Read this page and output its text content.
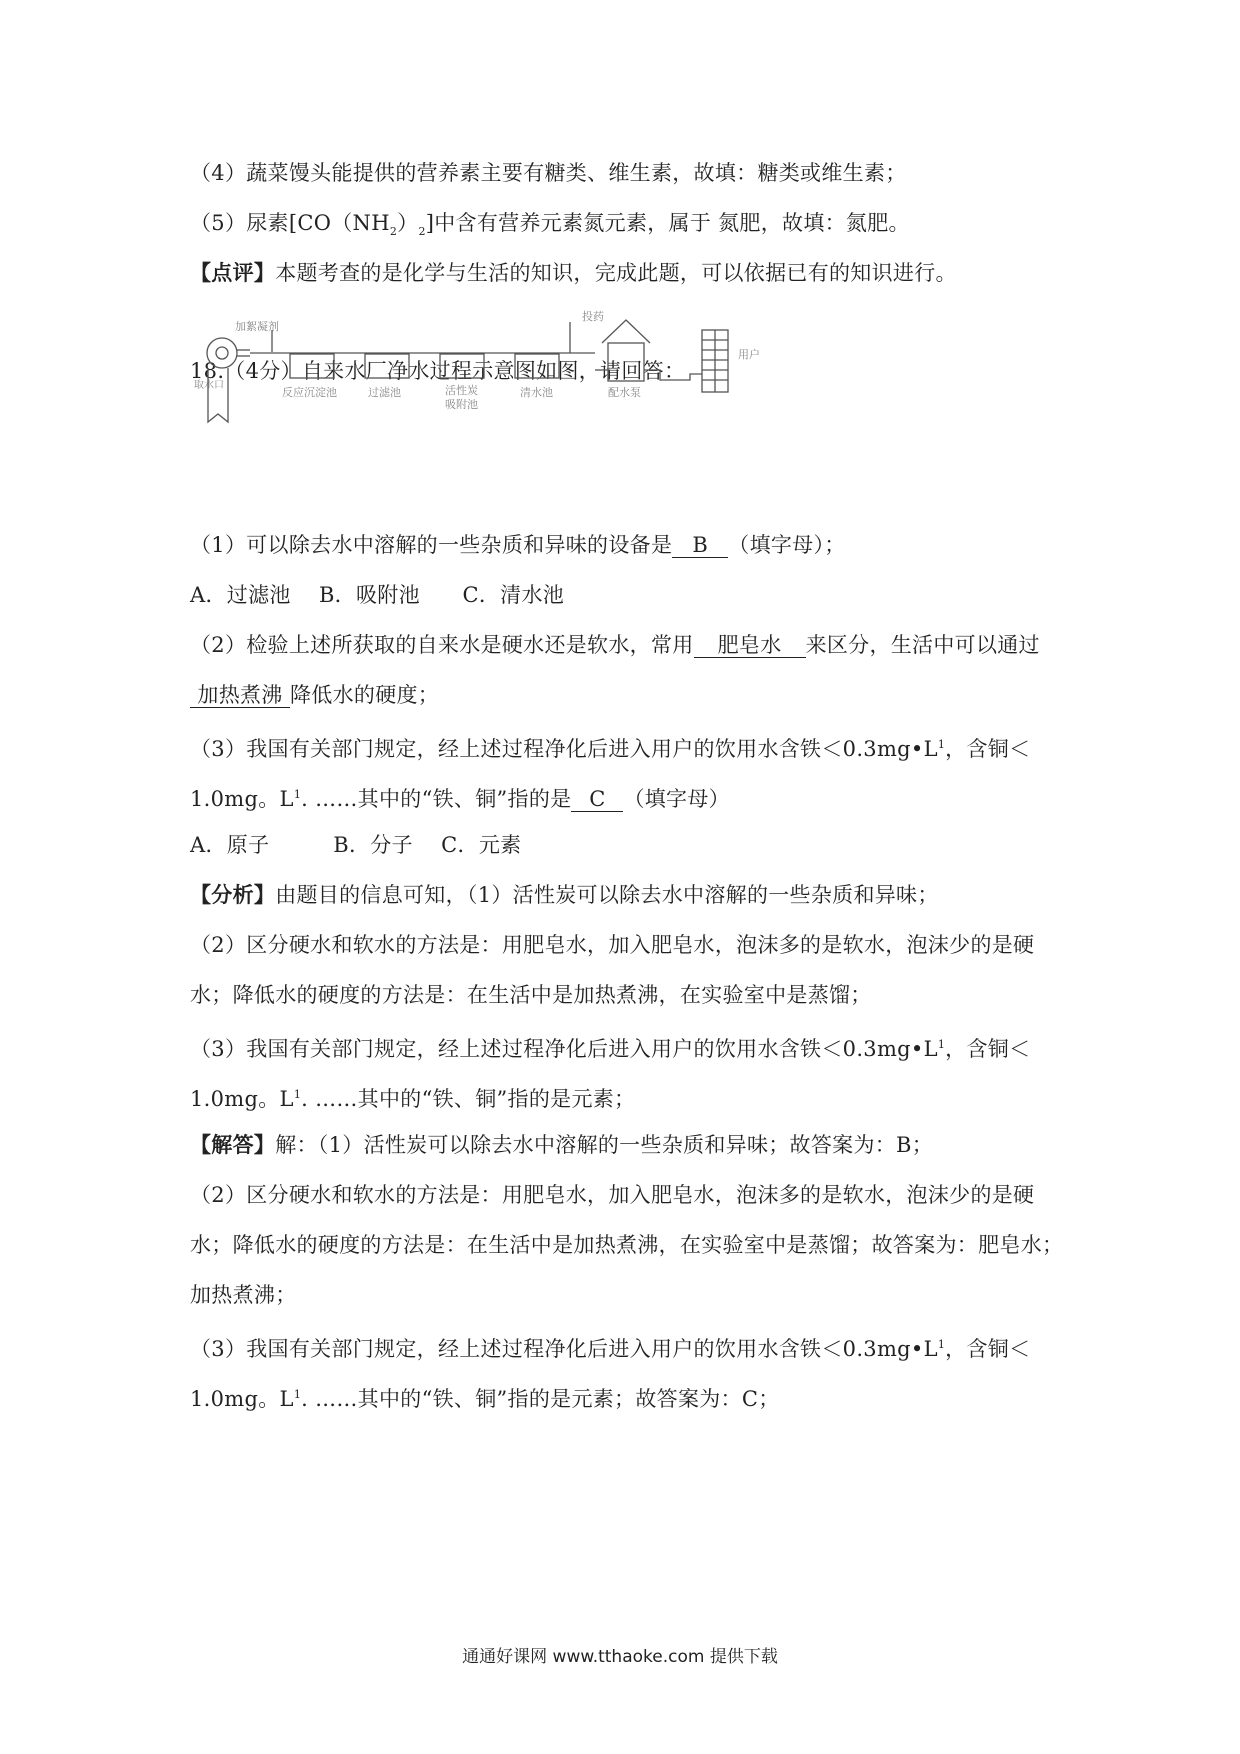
（4）蔬菜馒头能提供的营养素主要有糖类、维生素，故填：糖类或维生素；
（5）尿素$[CO(NH_2)_2]$中含有营养元素氮元素，属于 氮肥，故填：氮肥。
【点评】本题考查的是化学与生活的知识，完成此题，可以依据已有的知识进行。
18.（4分）自来水厂净水过程示意图如图，请回答：
加絮凝剂
取水口
反应沉淀池	过滤池	活性炭
吸附池
清水池
投药
配水泵
用户
（1）可以除去水中溶解的一些杂质和异味的设备是 B （填字母）；
A．过滤池　 B．吸附池　　C．清水池
（2）检验上述所获取的自来水是硬水还是软水，常用 肥皂水 来区分，生活中可以通过
加热煮沸 降低水的硬度；
（3）我国有关部门规定，经上述过程净化后进入用户的饮用水含铁$<0.3mg•L^1$，含铜＜
1.0mg。$L^1$. ……其中的“铁、铜”指的是 C （填字母）
A．原子　　　B．分子　 C．元素
【分析】由题目的信息可知，（1）活性炭可以除去水中溶解的一些杂质和异味；
（2）区分硬水和软水的方法是：用肥皂水，加入肥皂水，泡沫多的是软水，泡沫少的是硬
水；降低水的硬度的方法是：在生活中是加热煮沸，在实验室中是蒸馏；
（3）我国有关部门规定，经上述过程净化后进入用户的饮用水含铁$<0.3mg•L^1$，含铜＜
1.0mg。$L^1$. ……其中的“铁、铜”指的是元素；
【解答】解：（1）活性炭可以除去水中溶解的一些杂质和异味；故答案为：B；
（2）区分硬水和软水的方法是：用肥皂水，加入肥皂水，泡沫多的是软水，泡沫少的是硬
水；降低水的硬度的方法是：在生活中是加热煮沸，在实验室中是蒸馏；故答案为：肥皂水；
加热煮沸；
（3）我国有关部门规定，经上述过程净化后进入用户的饮用水含铁$<0.3mg•L^1$，含铜＜
1.0mg。$L^1$. ……其中的“铁、铜”指的是元素；故答案为：C；
通通好课网 www.tthaoke.com 提供下载
